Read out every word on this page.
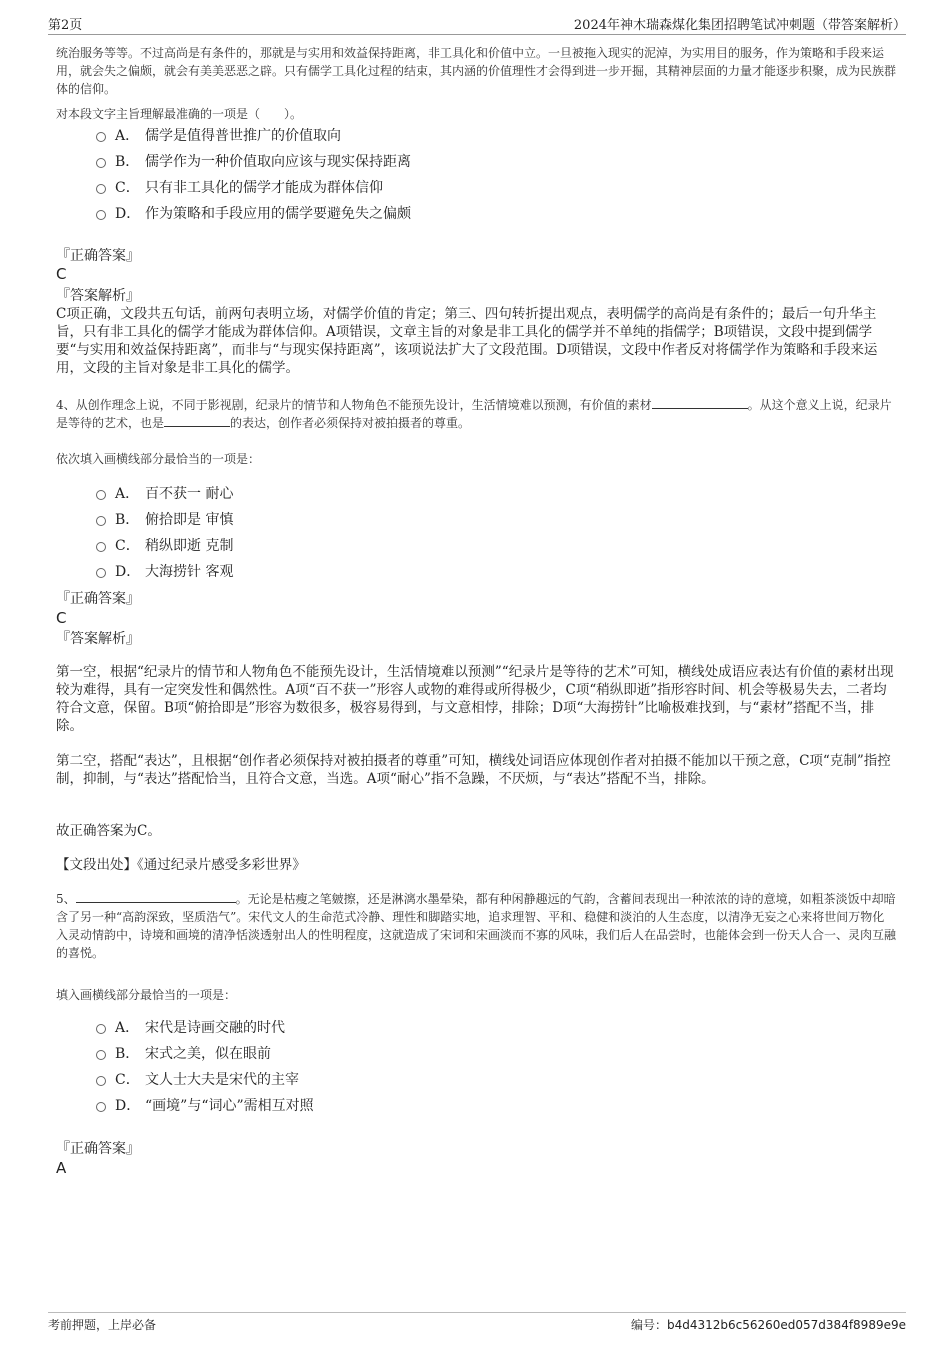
第2页	2024年神木瑞森煤化集团招聘笔试冲刺题（带答案解析）
统治服务等等。不过高尚是有条件的，那就是与实用和效益保持距离，非工具化和价值中立。一旦被拖入现实的泥淖，为实用目的服务，作为策略和手段来运用，就会失之偏颇，就会有美美恶恶之辟。只有儒学工具化过程的结束，其内涵的价值理性才会得到进一步开掘，其精神层面的力量才能逐步积聚，成为民族群体的信仰。
对本段文字主旨理解最准确的一项是（　　）。
A． 儒学是值得普世推广的价值取向
B． 儒学作为一种价值取向应该与现实保持距离
C． 只有非工具化的儒学才能成为群体信仰
D． 作为策略和手段应用的儒学要避免失之偏颇
『正确答案』
C
『答案解析』
C项正确，文段共五句话，前两句表明立场，对儒学价值的肯定；第三、四句转折提出观点，表明儒学的高尚是有条件的；最后一句升华主旨，只有非工具化的儒学才能成为群体信仰。A项错误，文章主旨的对象是非工具化的儒学并不单纯的指儒学；B项错误，文段中提到儒学要“与实用和效益保持距离”，而非与“与现实保持距离”，该项说法扩大了文段范围。D项错误，文段中作者反对将儒学作为策略和手段来运用，文段的主旨对象是非工具化的儒学。
4、从创作理念上说，不同于影视剧，纪录片的情节和人物角色不能预先设计，生活情境难以预测，有价值的素材	。从这个意义上说，纪录片是等待的艺术，也是	的表达，创作者必须保持对被拍摄者的尊重。
依次填入画横线部分最恰当的一项是：
A． 百不获一 耐心
B． 俯拾即是 审慎
C． 稍纵即逝 克制
D． 大海捞针 客观
『正确答案』
C
『答案解析』
第一空，根据“纪录片的情节和人物角色不能预先设计，生活情境难以预测”“纪录片是等待的艺术”可知，横线处成语应表达有价值的素材出现较为难得，具有一定突发性和偶然性。A项“百不获一”形容人或物的难得或所得极少，C项“稍纵即逝”指形容时间、机会等极易失去，二者均符合文意，保留。B项“俯拾即是”形容为数很多，极容易得到，与文意相悖，排除；D项“大海捞针”比喻极难找到，与“素材”搭配不当，排除。
第二空，搭配“表达”，且根据“创作者必须保持对被拍摄者的尊重”可知，横线处词语应体现创作者对拍摄不能加以干预之意，C项“克制”指控制，抑制，与“表达”搭配恰当，且符合文意，当选。A项“耐心”指不急躁，不厌烦，与“表达”搭配不当，排除。
故正确答案为C。
【文段出处】《通过纪录片感受多彩世界》
5、	。无论是枯瘦之笔皴擦，还是淋漓水墨晕染，都有种闲静趣远的气韵，含蓄间表现出一种浓浓的诗的意境，如粗茶淡饭中却暗含了另一种“高韵深致，坚质浩气”。宋代文人的生命范式冷静、理性和脚踏实地，追求理智、平和、稳健和淡泊的人生态度，以清净无妄之心来将世间万物化入灵动情韵中，诗境和画境的清净恬淡透射出人的性明程度，这就造成了宋词和宋画淡而不寡的风味，我们后人在品尝时，也能体会到一份天人合一、灵肉互融的喜悦。
填入画横线部分最恰当的一项是：
A． 宋代是诗画交融的时代
B． 宋式之美，似在眼前
C． 文人士大夫是宋代的主宰
D． “画境”与“词心”需相互对照
『正确答案』
A
考前押题，上岸必备	编号：b4d4312b6c56260ed057d384f8989e9e
